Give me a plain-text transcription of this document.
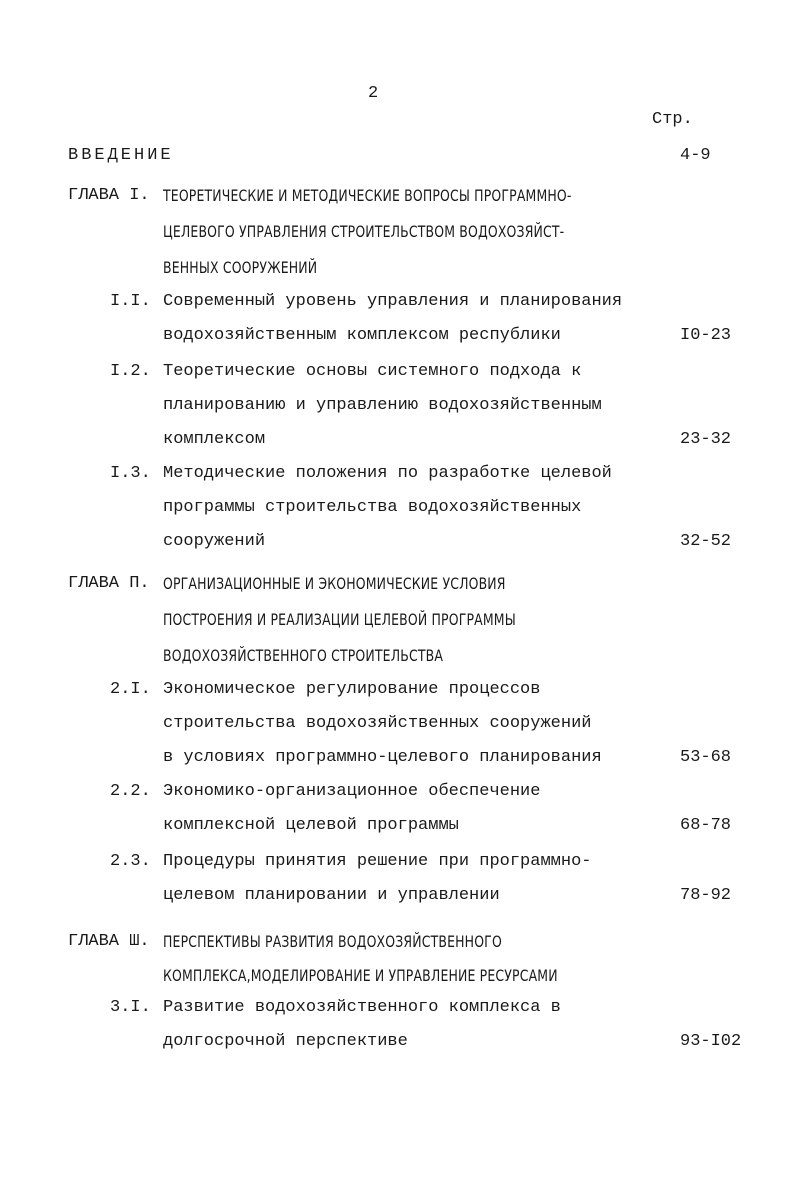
2
Стр.
ВВЕДЕНИЕ	4-9
ГЛАВА I. ТЕОРЕТИЧЕСКИЕ И МЕТОДИЧЕСКИЕ ВОПРОСЫ ПРОГРАММНО-
ЦЕЛЕВОГО УПРАВЛЕНИЯ СТРОИТЕЛЬСТВОМ ВОДОХОЗЯЙСТ-
ВЕННЫХ СООРУЖЕНИЙ
I.I. Современный уровень управления и планирования
водохозяйственным комплексом республики	I0-23
I.2. Теоретические основы системного подхода к
планированию и управлению водохозяйственным
комплексом	23-32
I.3. Методические положения по разработке целевой
программы строительства водохозяйственных
сооружений	32-52
ГЛАВА П. ОРГАНИЗАЦИОННЫЕ И ЭКОНОМИЧЕСКИЕ УСЛОВИЯ
ПОСТРОЕНИЯ И РЕАЛИЗАЦИИ ЦЕЛЕВОЙ ПРОГРАММЫ
ВОДОХОЗЯЙСТВЕННОГО СТРОИТЕЛЬСТВА
2.I. Экономическое регулирование процессов
строительства водохозяйственных сооружений
в условиях программно-целевого планирования	53-68
2.2. Экономико-организационное обеспечение
комплексной целевой программы	68-78
2.3. Процедуры принятия решение при программно-
целевом планировании и управлении	78-92
ГЛАВА Ш. ПЕРСПЕКТИВЫ РАЗВИТИЯ ВОДОХОЗЯЙСТВЕННОГО
КОМПЛЕКСА,МОДЕЛИРОВАНИЕ И УПРАВЛЕНИЕ РЕСУРСАМИ
3.I. Развитие водохозяйственного комплекса в
долгосрочной перспективе	93-I02
